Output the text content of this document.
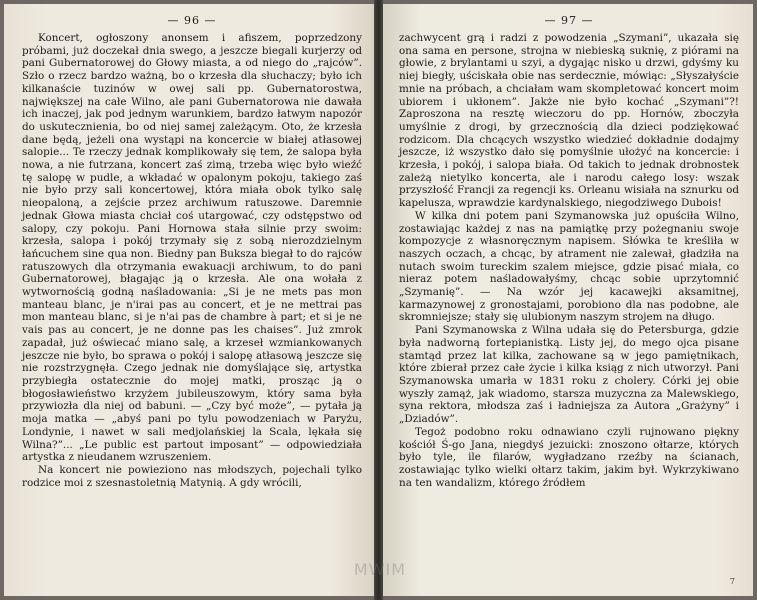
— 96 —

Koncert, ogłoszony anonsem i afiszem, poprzedzony próbami, już doczekał dnia swego, a jeszcze biegali kurjerzy od pani Gubernatorowej do Głowy miasta, a od niego do „rajców”. Szło o rzecz bardzo ważną, bo o krzesła dla słuchaczy; było ich kilkanaście tuzinów w owej sali pp. Gubernatorostwa, największej na całe Wilno, ale pani Gubernatorowa nie dawała ich inaczej, jak pod jednym warunkiem, bardzo łatwym napozór do uskutecznienia, bo od niej samej zależącym. Oto, że krzesła dane będą, jeżeli ona wystąpi na koncercie w białej atłasowej salopie... Te rzeczy jednak komplikowały się tem, że salopa była nowa, a nie futrzana, koncert zaś zimą, trzeba więc było wieźć tę salopę w pudle, a wkładać w opalonym pokoju, takiego zaś nie było przy sali koncertowej, która miała obok tylko salę nieopaloną, a zejście przez archiwum ratuszowe. Daremnie jednak Głowa miasta chciał coś utargować, czy odstępstwo od salopy, czy pokoju. Pani Hornowa stała silnie przy swoim: krzesła, salopa i pokój trzymały się z sobą nierozdzielnym łańcuchem sine qua non. Biedny pan Buksza biegał to do rajców ratuszowych dla otrzymania ewakuacji archiwum, to do pani Gubernatorowej, błagając ją o krzesła. Ale ona wołała z wytwornością godną naśladowania: „Si je ne mets pas mon manteau blanc, je n'irai pas au concert, et je ne mettrai pas mon manteau blanc, si je n'ai pas de chambre à part; et si je ne vais pas au concert, je ne donne pas les chaises”. Już zmrok zapadał, już oświecać miano salę, a krzeseł wzmiankowanych jeszcze nie było, bo sprawa o pokój i salopę atłasową jeszcze się nie rozstrzygnęła. Czego jednak nie domyślające się, artystka przybiegła ostatecznie do mojej matki, prosząc ją o błogosławieństwo krzyżem jubileuszowym, który sama była przywiozła dla niej od babuni. — „Czy być może”, — pytała ją moja matka — „abyś pani po tylu powodzeniach w Paryżu, Londynie, i nawet w sali medjolańskiej la Scala, lękała się Wilna?”... „Le public est partout imposant” — odpowiedziała artystka z nieudanem wzruszeniem.

Na koncert nie powieziono nas młodszych, pojechali tylko rodzice moi z szesnastoletnią Matynią. A gdy wrócili,

— 97 —

zachwycent grą i radzi z powodzenia „Szymani”, ukazała się ona sama en persone, strojna w niebieską suknię, z piórami na głowie, z brylantami u szyi, a dygając nisko u drzwi, gdyśmy ku niej biegły, uściskała obie nas serdecznie, mówiąc: „Słyszałyście mnie na próbach, a chciałam wam skompletować koncert moim ubiorem i ukłonem”. Jakże nie było kochać „Szymani”?! Zaproszona na resztę wieczoru do pp. Hornów, zboczyła umyślnie z drogi, by grzecznością dla dzieci podziękować rodzicom. Dla chcących wszystko wiedzieć dokładnie dodajmy jeszcze, iż wszystko dało się pomyślnie ułożyć na koncercie: i krzesła, i pokój, i salopa biała. Od takich to jednak drobnostek zależą nietylko koncerta, ale i narodu całego losy: wszak przyszłość Francji za regencji ks. Orleanu wisiała na sznurku od kapelusza, wprawdzie kardynalskiego, niegodziwego Dubois!

W kilka dni potem pani Szymanowska już opuściła Wilno, zostawiając każdej z nas na pamiątkę przy pożegnaniu swoje kompozycje z własnoręcznym napisem. Słówka te kreśliła w naszych oczach, a chcąc, by atrament nie zalewał, gładziła na nutach swoim tureckim szalem miejsce, gdzie pisać miała, co nieraz potem naśladowałyśmy, chcąc sobie uprzytomnić „Szymanię”. — Na wzór jej kacawejki aksamitnej, karmazynowej z gronostajami, porobiono dla nas podobne, ale skromniejsze; stały się ulubionym naszym strojem na długo.

Pani Szymanowska z Wilna udała się do Petersburga, gdzie była nadworną fortepianistką. Listy jej, do mego ojca pisane stamtąd przez lat kilka, zachowane są w jego pamiętnikach, które zbierał przez całe życie i kilka ksiąg z nich utworzył. Pani Szymanowska umarła w 1831 roku z cholery. Córki jej obie wyszły zamąż, jak wiadomo, starsza muzyczna za Malewskiego, syna rektora, młodsza zaś i ładniejsza za Autora „Grażyny” i „Dziadów”.

Tegoż podobno roku odnawiano czyli rujnowano piękny kościół Ś-go Jana, niegdyś jezuicki: znoszono ołtarze, których było tyle, ile filarów, wygładzano rzeźby na ścianach, zostawiając tylko wielki ołtarz takim, jakim był. Wykrzykiwano na ten wandalizm, którego źródłem

7
MWIM
